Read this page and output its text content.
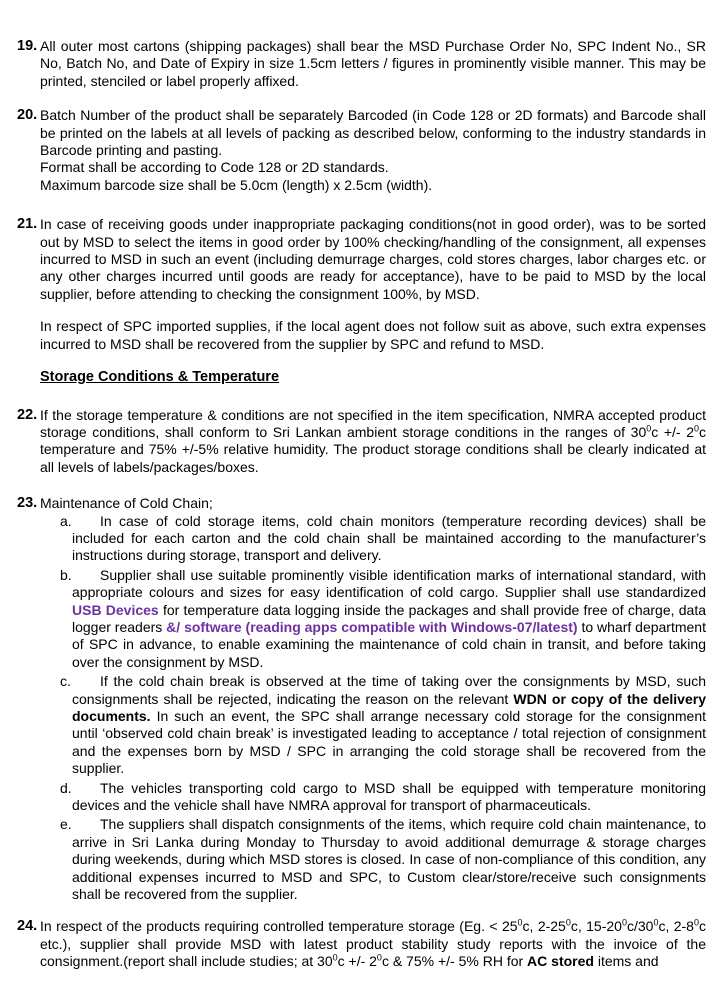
19. All outer most cartons (shipping packages) shall bear the MSD Purchase Order No, SPC Indent No., SR No, Batch No, and Date of Expiry in size 1.5cm letters / figures in prominently visible manner. This may be printed, stenciled or label properly affixed.

20. Batch Number of the product shall be separately Barcoded (in Code 128 or 2D formats) and Barcode shall be printed on the labels at all levels of packing as described below, conforming to the industry standards in Barcode printing and pasting.

Format shall be according to Code 128 or 2D standards.

Maximum barcode size shall be 5.0cm (length) x 2.5cm (width).

21. In case of receiving goods under inappropriate packaging conditions(not in good order), was to be sorted out by MSD to select the items in good order by 100% checking/handling of the consignment, all expenses incurred to MSD in such an event (including demurrage charges, cold stores charges, labor charges etc. or any other charges incurred until goods are ready for acceptance), have to be paid to MSD by the local supplier, before attending to checking the consignment 100%, by MSD.

In respect of SPC imported supplies, if the local agent does not follow suit as above, such extra expenses incurred to MSD shall be recovered from the supplier by SPC and refund to MSD.

Storage Conditions & Temperature
22. If the storage temperature & conditions are not specified in the item specification, NMRA accepted product storage conditions, shall conform to Sri Lankan ambient storage conditions in the ranges of $30^0c$ +/- $2^0c$ temperature and 75% +/-5% relative humidity. The product storage conditions shall be clearly indicated at all levels of labels/packages/boxes.

23. Maintenance of Cold Chain;

a. In case of cold storage items, cold chain monitors (temperature recording devices) shall be included for each carton and the cold chain shall be maintained according to the manufacturer’s instructions during storage, transport and delivery.

b. Supplier shall use suitable prominently visible identification marks of international standard, with appropriate colours and sizes for easy identification of cold cargo. Supplier shall use standardized USB Devices for temperature data logging inside the packages and shall provide free of charge, data logger readers &/ software (reading apps compatible with Windows-07/latest) to wharf department of SPC in advance, to enable examining the maintenance of cold chain in transit, and before taking over the consignment by MSD.

c. If the cold chain break is observed at the time of taking over the consignments by MSD, such consignments shall be rejected, indicating the reason on the relevant WDN or copy of the delivery documents. In such an event, the SPC shall arrange necessary cold storage for the consignment until ‘observed cold chain break’ is investigated leading to acceptance / total rejection of consignment and the expenses born by MSD / SPC in arranging the cold storage shall be recovered from the supplier.

d. The vehicles transporting cold cargo to MSD shall be equipped with temperature monitoring devices and the vehicle shall have NMRA approval for transport of pharmaceuticals.

e. The suppliers shall dispatch consignments of the items, which require cold chain maintenance, to arrive in Sri Lanka during Monday to Thursday to avoid additional demurrage & storage charges during weekends, during which MSD stores is closed. In case of non-compliance of this condition, any additional expenses incurred to MSD and SPC, to Custom clear/store/receive such consignments shall be recovered from the supplier.

24. In respect of the products requiring controlled temperature storage (Eg. < $25^0c$, $2-25^0c$, $15-20^0c/30^0c$, $2-8^0c$ etc.), supplier shall provide MSD with latest product stability study reports with the invoice of the consignment.(report shall include studies; at $30^0c$ +/- $2^0c$ & 75% +/- 5% RH for AC stored items and
